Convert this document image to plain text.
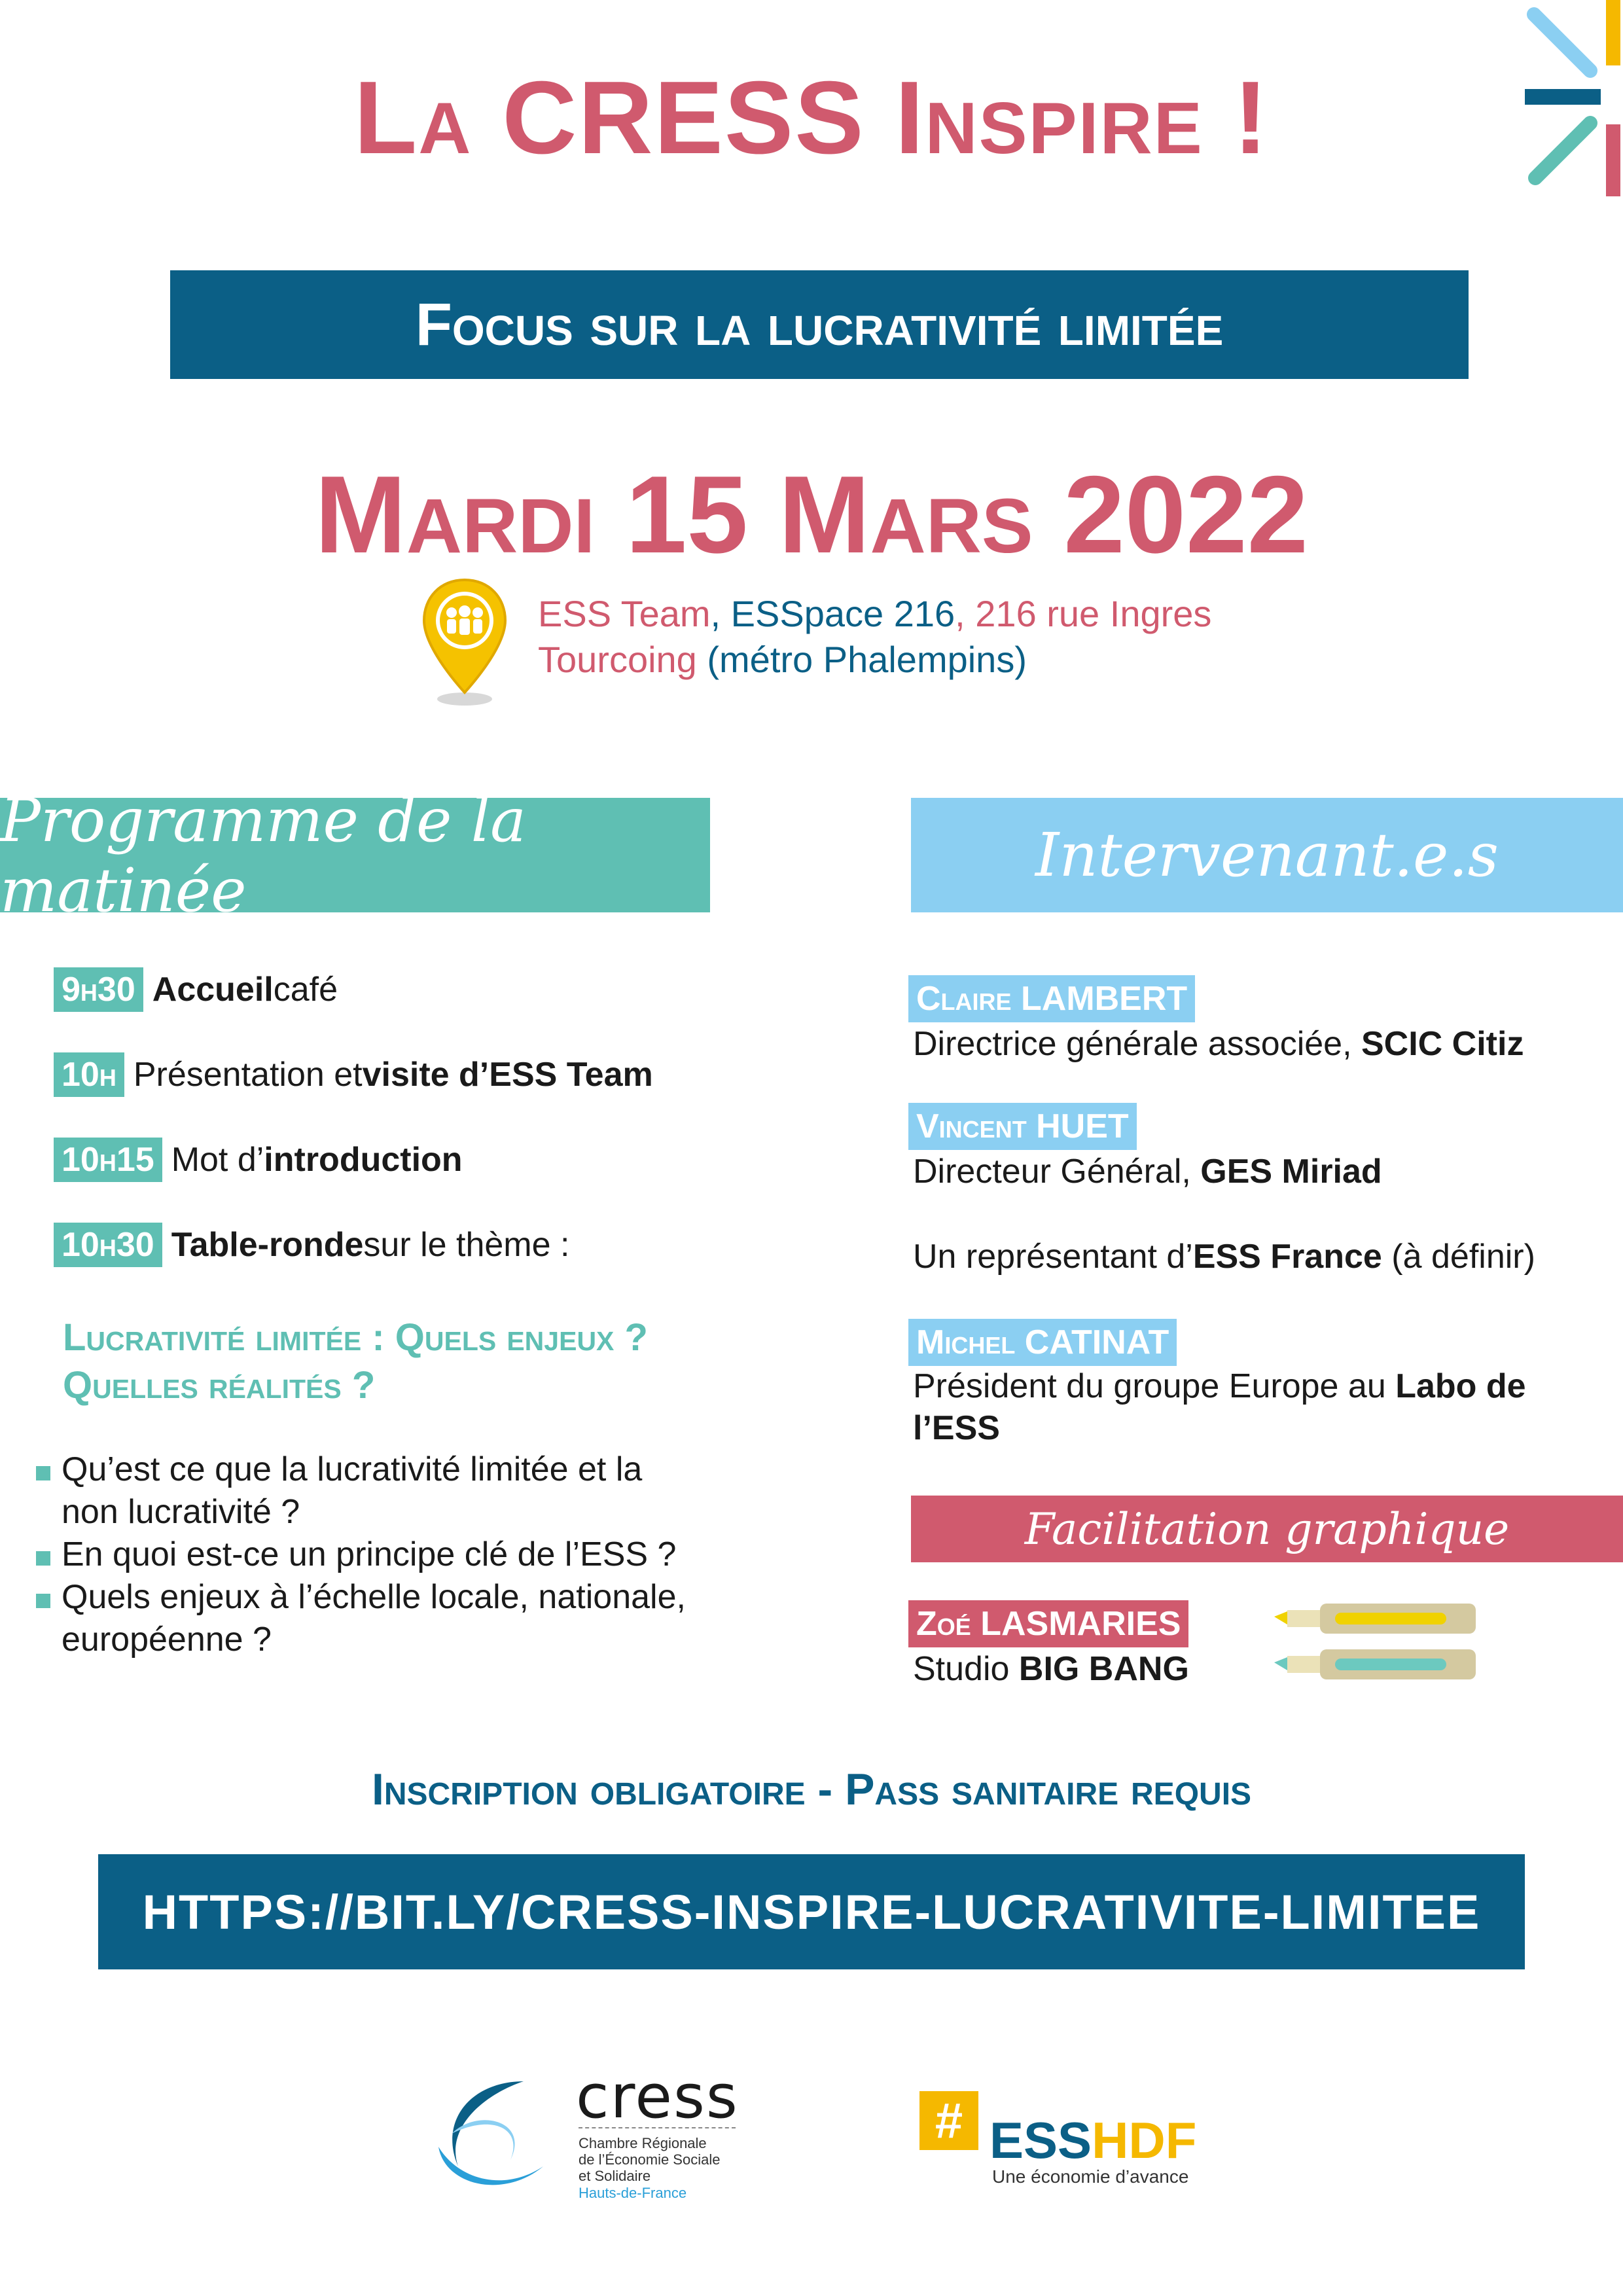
La CRESS Inspire !
Focus sur la lucrativité limitée
Mardi 15 Mars 2022
ESS Team, ESSpace 216, 216 rue Ingres
Tourcoing (métro Phalempins)
Programme de la matinée
9h30 Accueil café
10h Présentation et visite d’ESS Team
10h15 Mot d’ introduction
10h30 Table-ronde sur le thème :
Lucrativité limitée : Quels enjeux ?
Quelles réalités ?
Qu’est ce que la lucrativité limitée et la
non lucrativité ?
En quoi est-ce un principe clé de l’ESS ?
Quels enjeux à l’échelle locale, nationale,
européenne ?
Intervenant.e.s
Claire LAMBERT
Directrice générale associée, SCIC Citiz
Vincent HUET
Directeur Général, GES Miriad
Un représentant d’ESS France (à définir)
Michel CATINAT
Président du groupe Europe au Labo de
l’ESS
Facilitation graphique
Zoé LASMARIES
Studio BIG BANG
Inscription obligatoire - Pass sanitaire requis
HTTPS://BIT.LY/CRESS-INSPIRE-LUCRATIVITE-LIMITEE
cress
Chambre Régionale
de l’Économie Sociale
et Solidaire
Hauts-de-France
# ESSHDF
Une économie d’avance
